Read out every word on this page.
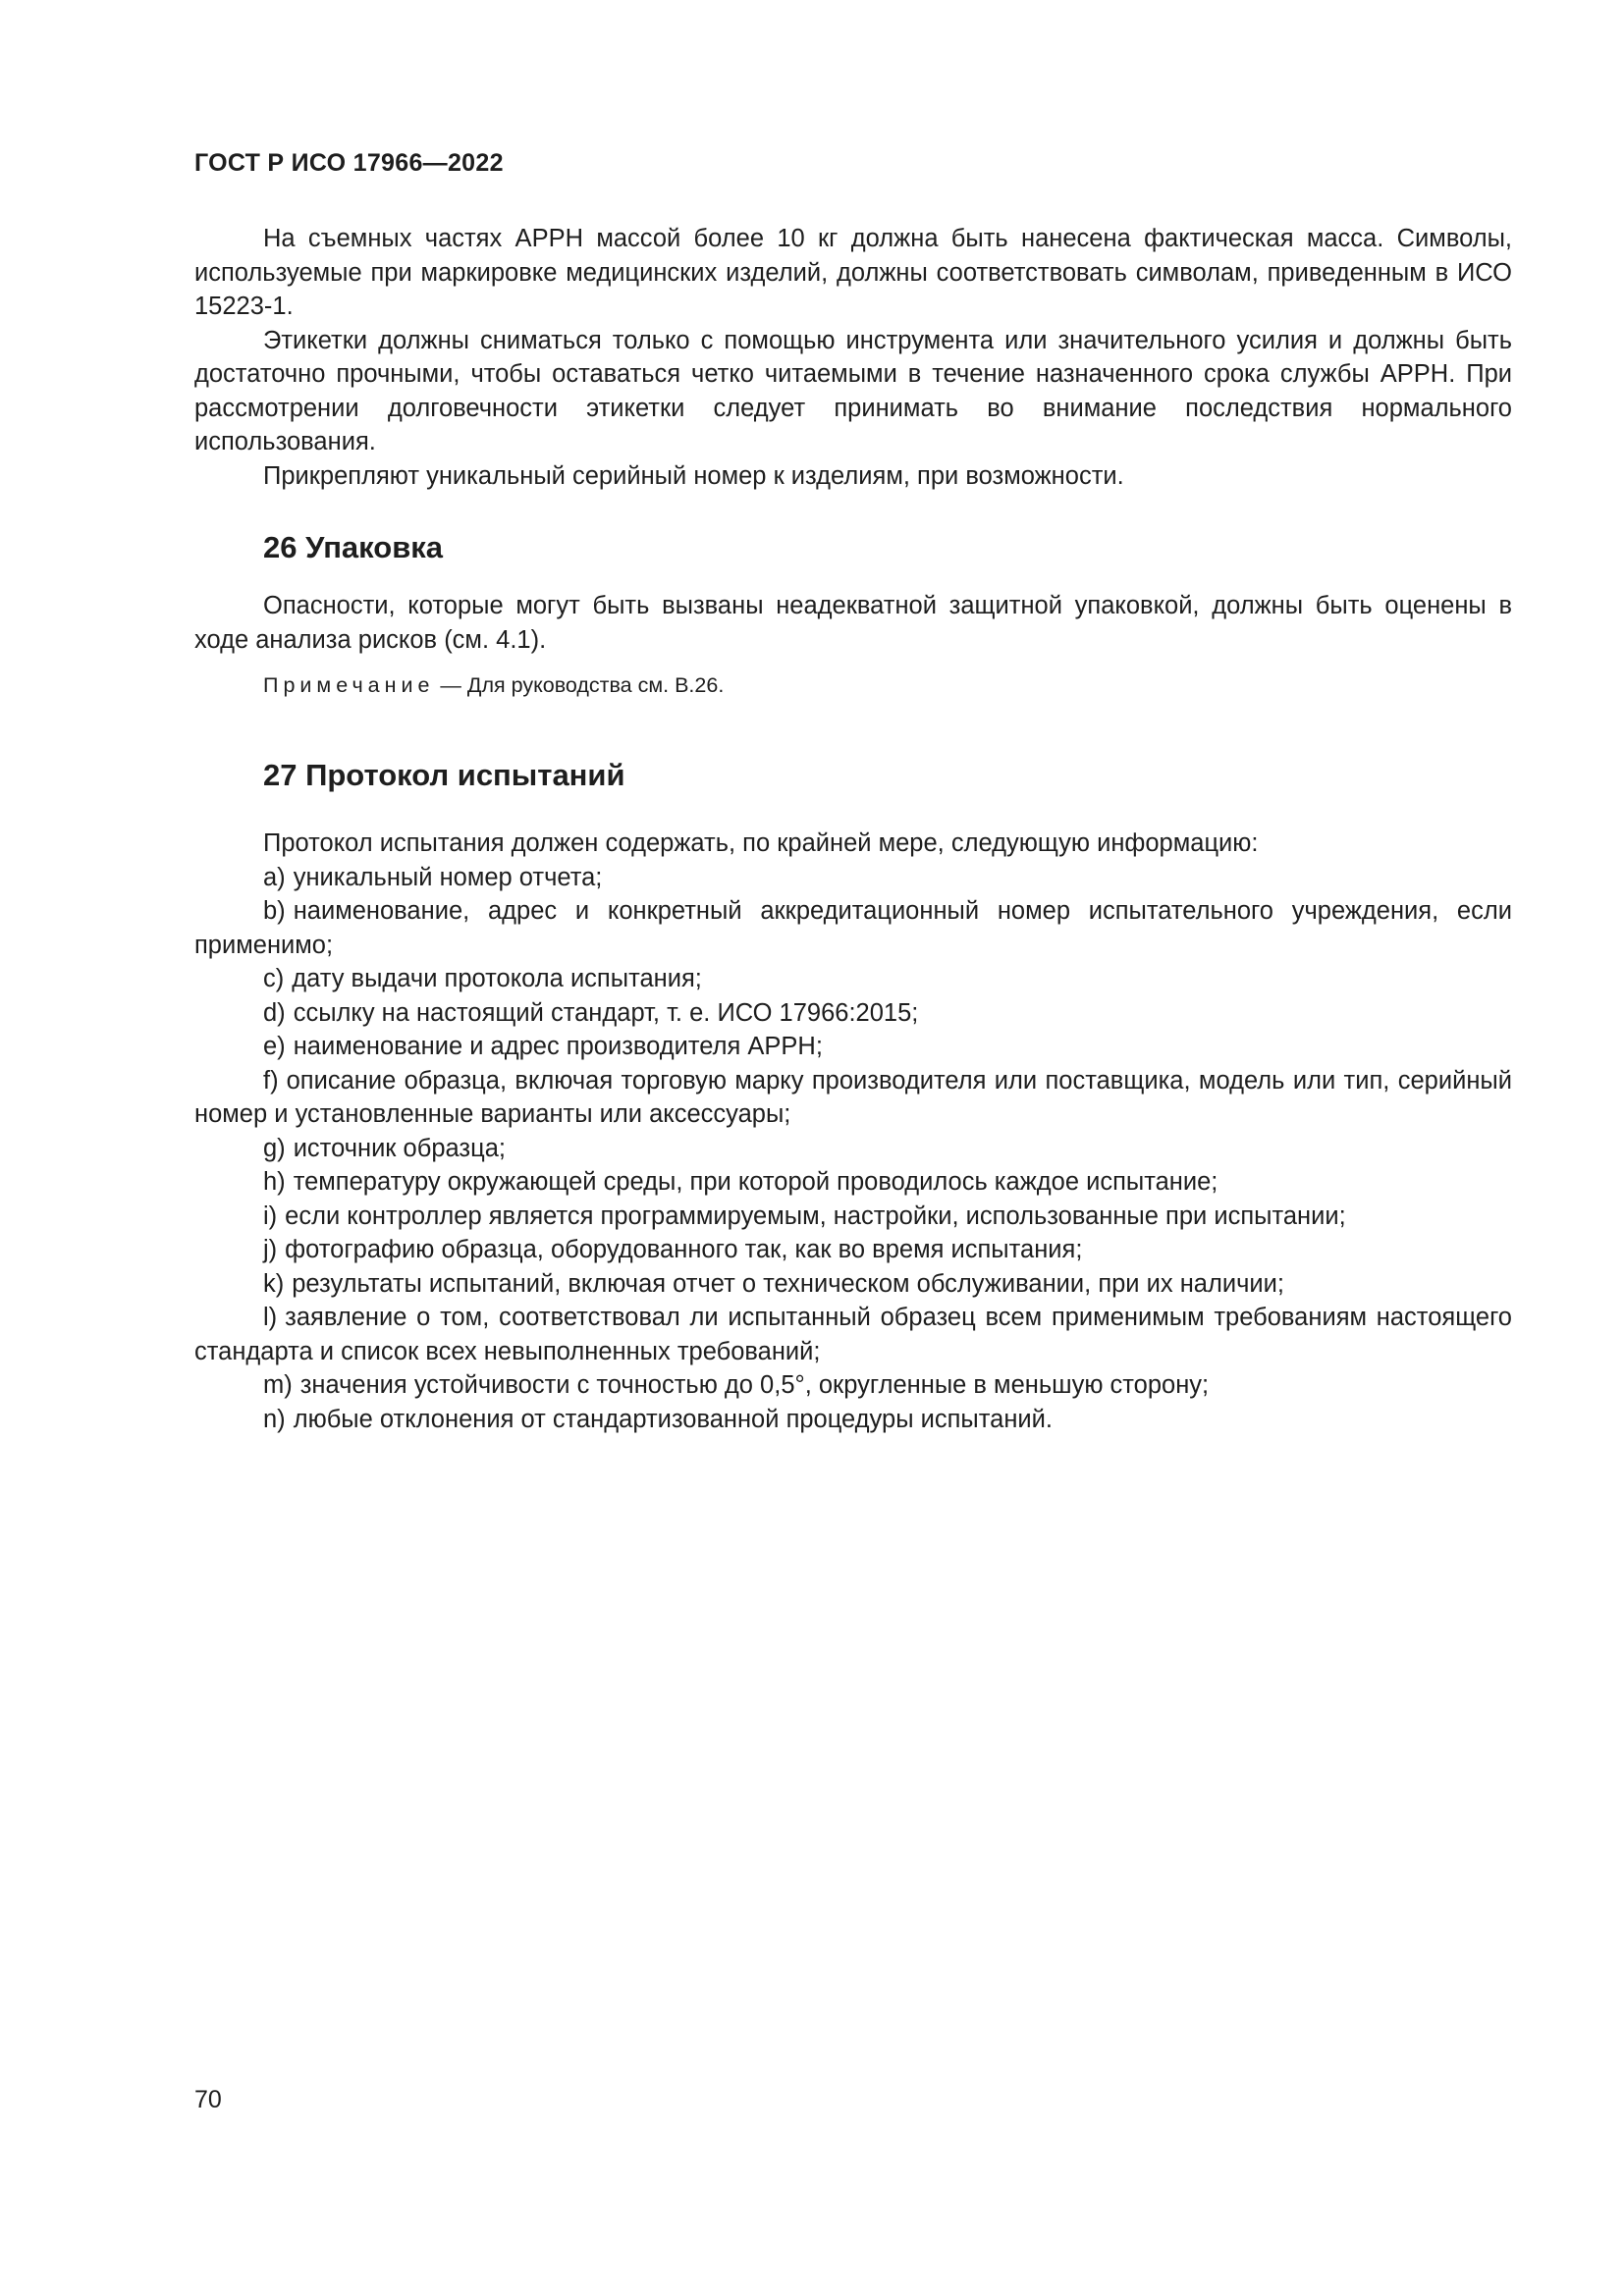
ГОСТ Р ИСО 17966—2022

На съемных частях АРРН массой более 10 кг должна быть нанесена фактическая масса. Символы, используемые при маркировке медицинских изделий, должны соответствовать символам, приведенным в ИСО 15223-1.

Этикетки должны сниматься только с помощью инструмента или значительного усилия и должны быть достаточно прочными, чтобы оставаться четко читаемыми в течение назначенного срока службы АРРН. При рассмотрении долговечности этикетки следует принимать во внимание последствия нормального использования.

Прикрепляют уникальный серийный номер к изделиям, при возможности.

26 Упаковка

Опасности, которые могут быть вызваны неадекватной защитной упаковкой, должны быть оценены в ходе анализа рисков (см. 4.1).

Примечание — Для руководства см. B.26.

27 Протокол испытаний

Протокол испытания должен содержать, по крайней мере, следующую информацию:

a) уникальный номер отчета;

b) наименование, адрес и конкретный аккредитационный номер испытательного учреждения, если применимо;

c) дату выдачи протокола испытания;

d) ссылку на настоящий стандарт, т. е. ИСО 17966:2015;

e) наименование и адрес производителя АРРН;

f) описание образца, включая торговую марку производителя или поставщика, модель или тип, серийный номер и установленные варианты или аксессуары;

g) источник образца;

h) температуру окружающей среды, при которой проводилось каждое испытание;

i) если контроллер является программируемым, настройки, использованные при испытании;

j) фотографию образца, оборудованного так, как во время испытания;

k) результаты испытаний, включая отчет о техническом обслуживании, при их наличии;

l) заявление о том, соответствовал ли испытанный образец всем применимым требованиям настоящего стандарта и список всех невыполненных требований;

m) значения устойчивости с точностью до 0,5°, округленные в меньшую сторону;

n) любые отклонения от стандартизованной процедуры испытаний.

70
